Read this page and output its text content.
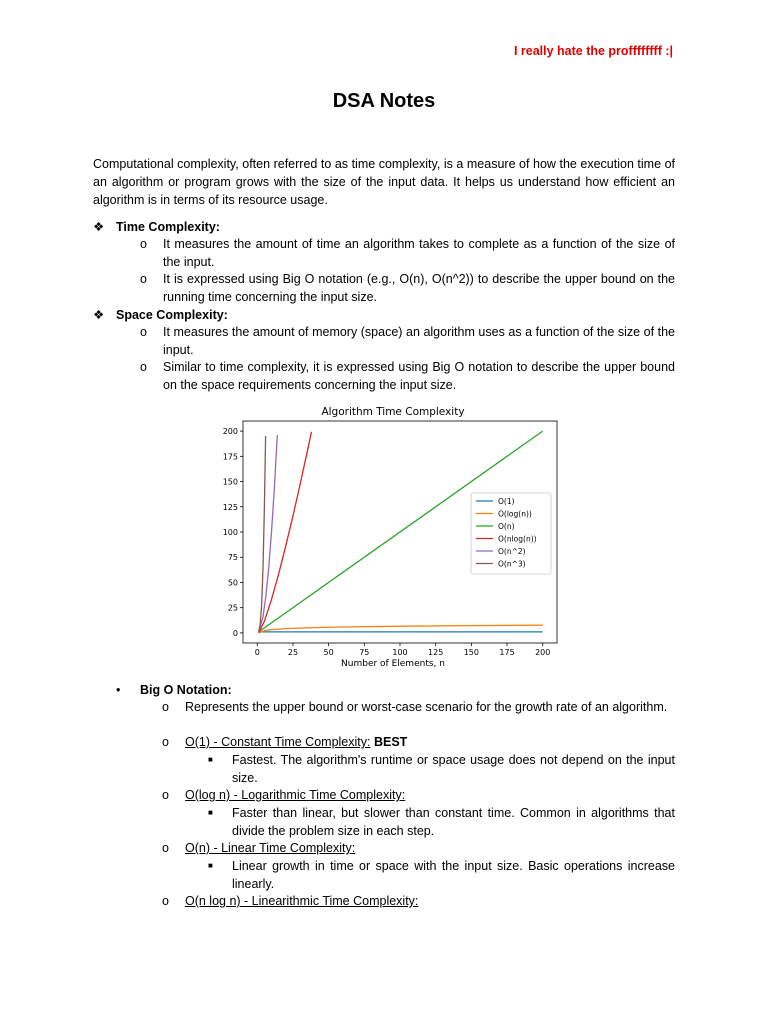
I really hate the proffffffff :|
DSA Notes
Computational complexity, often referred to as time complexity, is a measure of how the execution time of an algorithm or program grows with the size of the input data. It helps us understand how efficient an algorithm is in terms of its resource usage.
❖ Time Complexity:
o	It measures the amount of time an algorithm takes to complete as a function of the size of the input.
o	It is expressed using Big O notation (e.g., O(n), O(n^2)) to describe the upper bound on the running time concerning the input size.
❖ Space Complexity:
o	It measures the amount of memory (space) an algorithm uses as a function of the size of the input.
o	Similar to time complexity, it is expressed using Big O notation to describe the upper bound on the space requirements concerning the input size.
Algorithm Time Complexity
0
25
50
75
100
125
150
175
200
0	25	50	75	100	125	150	175	200
O(1)
O(log(n))
O(n)
O(nlog(n))
O(n^2)
O(n^3)
Number of Elements, n
• Big O Notation:
o	Represents the upper bound or worst-case scenario for the growth rate of an algorithm.
o	O(1) - Constant Time Complexity: BEST
■	Fastest. The algorithm's runtime or space usage does not depend on the input size.
o	O(log n) - Logarithmic Time Complexity:
■	Faster than linear, but slower than constant time. Common in algorithms that divide the problem size in each step.
o	O(n) - Linear Time Complexity:
■	Linear growth in time or space with the input size. Basic operations increase linearly.
o	O(n log n) - Linearithmic Time Complexity:
